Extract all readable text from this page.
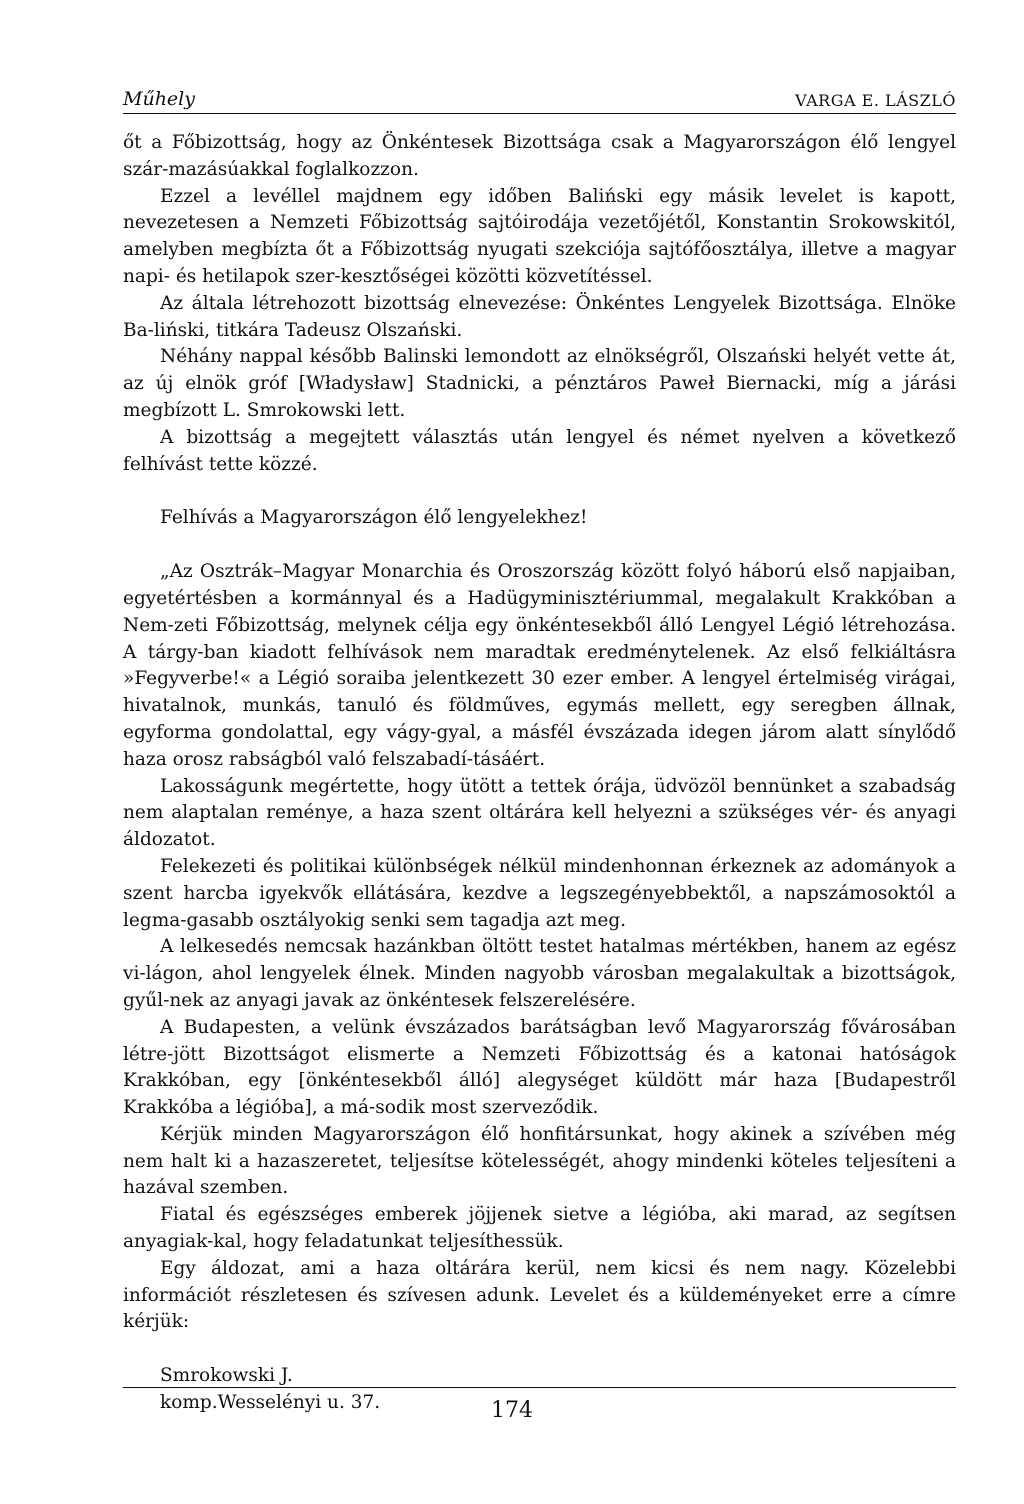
Műhely	VARGA E. LÁSZLÓ

őt a Főbizottság, hogy az Önkéntesek Bizottsága csak a Magyarországon élő lengyel szár-mazásúakkal foglalkozzon.

Ezzel a levéllel majdnem egy időben Baliński egy másik levelet is kapott, nevezetesen a Nemzeti Főbizottság sajtóirodája vezetőjétől, Konstantin Srokowskitól, amelyben megbízta őt a Főbizottság nyugati szekciója sajtófőosztálya, illetve a magyar napi- és hetilapok szer-kesztőségei közötti közvetítéssel.

Az általa létrehozott bizottság elnevezése: Önkéntes Lengyelek Bizottsága. Elnöke Ba-liński, titkára Tadeusz Olszański.

Néhány nappal később Balinski lemondott az elnökségről, Olszański helyét vette át, az új elnök gróf [Władysław] Stadnicki, a pénztáros Paweł Biernacki, míg a járási megbízott L. Smrokowski lett.

A bizottság a megejtett választás után lengyel és német nyelven a következő felhívást tette közzé.

Felhívás a Magyarországon élő lengyelekhez!

„Az Osztrák–Magyar Monarchia és Oroszország között folyó háború első napjaiban, egyetértésben a kormánnyal és a Hadügyminisztériummal, megalakult Krakkóban a Nem-zeti Főbizottság, melynek célja egy önkéntesekből álló Lengyel Légió létrehozása. A tárgy-ban kiadott felhívások nem maradtak eredménytelenek. Az első felkiáltásra »Fegyverbe!« a Légió soraiba jelentkezett 30 ezer ember. A lengyel értelmiség virágai, hivatalnok, munkás, tanuló és földműves, egymás mellett, egy seregben állnak, egyforma gondolattal, egy vágy-gyal, a másfél évszázada idegen járom alatt sínylődő haza orosz rabságból való felszabadí-tásáért.

Lakosságunk megértette, hogy ütött a tettek órája, üdvözöl bennünket a szabadság nem alaptalan reménye, a haza szent oltárára kell helyezni a szükséges vér- és anyagi áldozatot.

Felekezeti és politikai különbségek nélkül mindenhonnan érkeznek az adományok a szent harcba igyekvők ellátására, kezdve a legszegényebbektől, a napszámosoktól a legma-gasabb osztályokig senki sem tagadja azt meg.

A lelkesedés nemcsak hazánkban öltött testet hatalmas mértékben, hanem az egész vi-lágon, ahol lengyelek élnek. Minden nagyobb városban megalakultak a bizottságok, gyűl-nek az anyagi javak az önkéntesek felszerelésére.

A Budapesten, a velünk évszázados barátságban levő Magyarország fővárosában létre-jött Bizottságot elismerte a Nemzeti Főbizottság és a katonai hatóságok Krakkóban, egy [önkéntesekből álló] alegységet küldött már haza [Budapestről Krakkóba a légióba], a má-sodik most szerveződik.

Kérjük minden Magyarországon élő honfitársunkat, hogy akinek a szívében még nem halt ki a hazaszeretet, teljesítse kötelességét, ahogy mindenki köteles teljesíteni a hazával szemben.

Fiatal és egészséges emberek jöjjenek sietve a légióba, aki marad, az segítsen anyagiak-kal, hogy feladatunkat teljesíthessük.

Egy áldozat, ami a haza oltárára kerül, nem kicsi és nem nagy. Közelebbi információt részletesen és szívesen adunk. Levelet és a küldeményeket erre a címre kérjük:

Smrokowski J.

komp.Wesselényi u. 37.	174
